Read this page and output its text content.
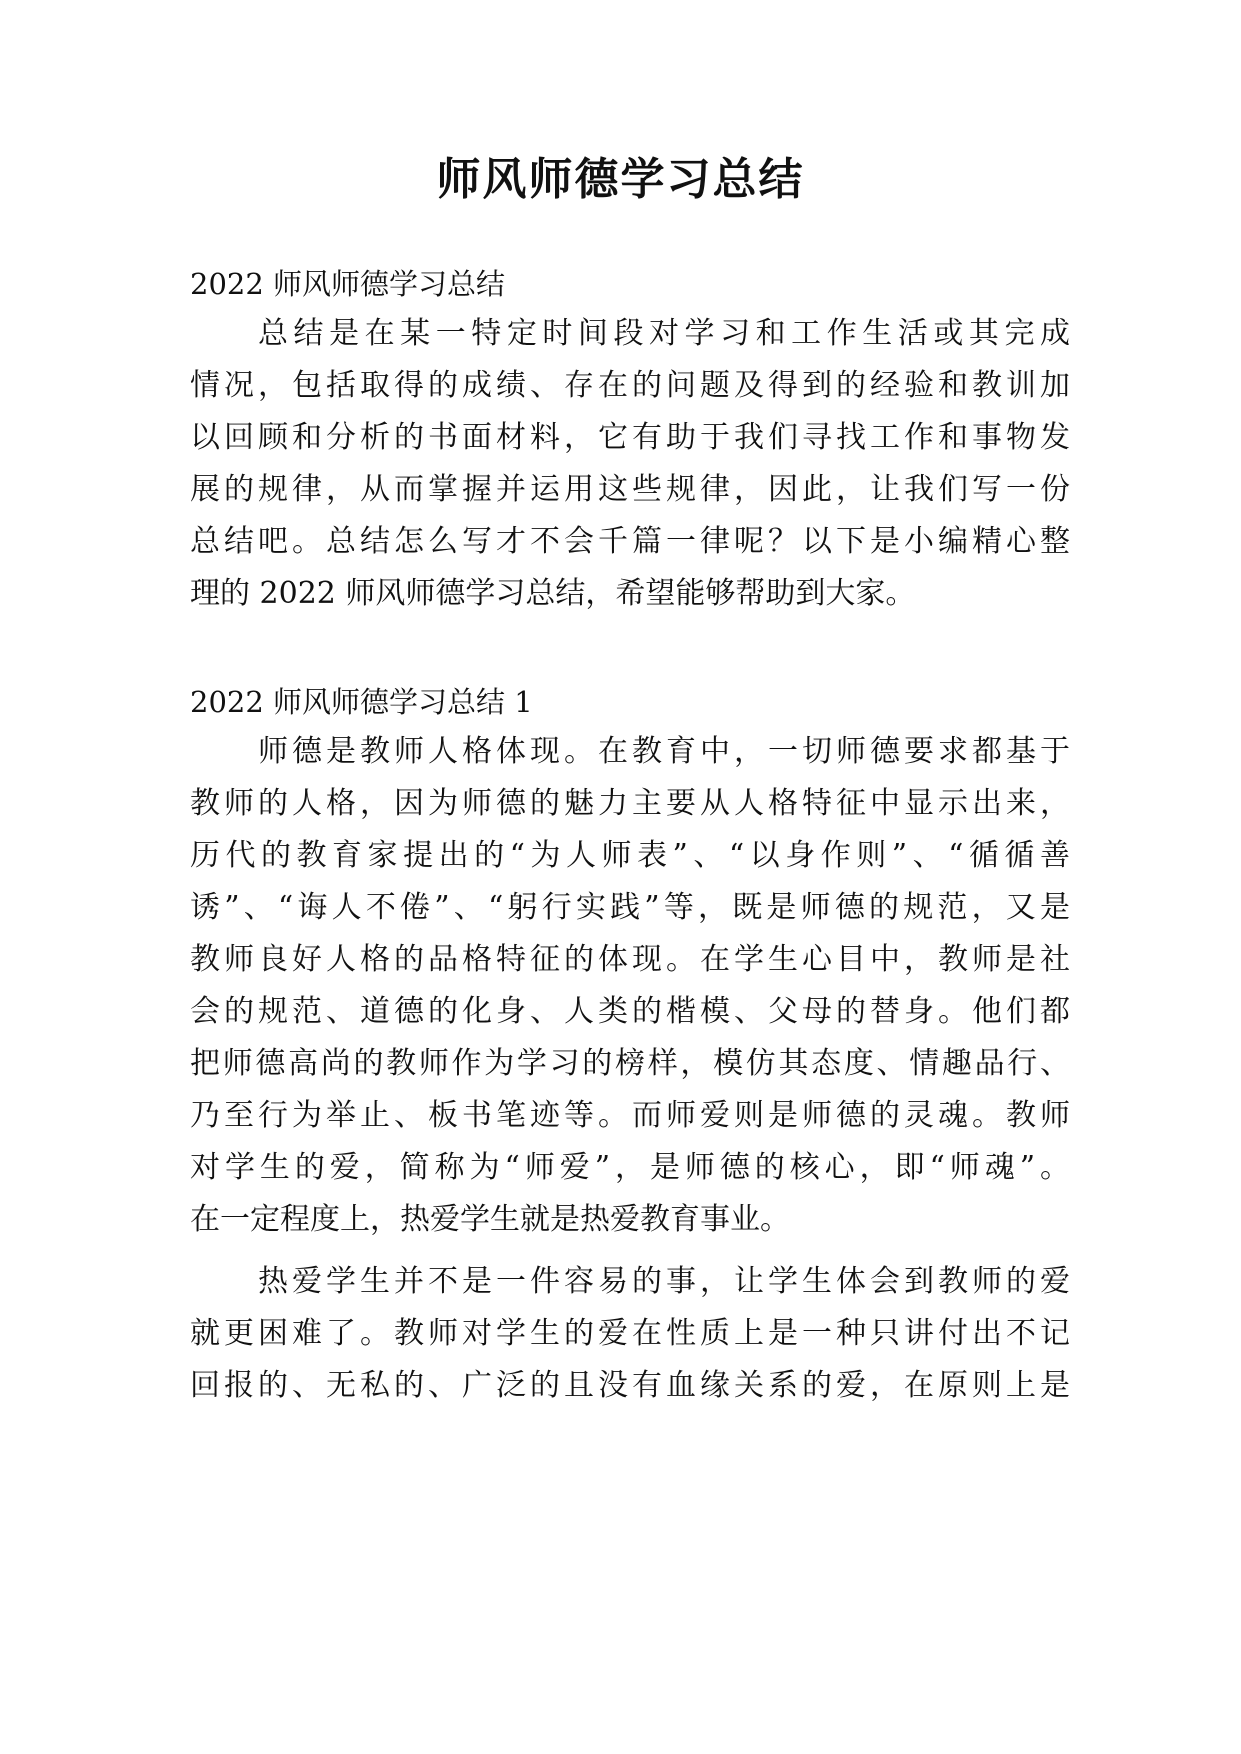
师风师德学习总结
2022 师风师德学习总结
总结是在某一特定时间段对学习和工作生活或其完成
情况，包括取得的成绩、存在的问题及得到的经验和教训加
以回顾和分析的书面材料，它有助于我们寻找工作和事物发
展的规律，从而掌握并运用这些规律，因此，让我们写一份
总结吧。总结怎么写才不会千篇一律呢？以下是小编精心整
理的 2022 师风师德学习总结，希望能够帮助到大家。
2022 师风师德学习总结 1
师德是教师人格体现。在教育中，一切师德要求都基于
教师的人格，因为师德的魅力主要从人格特征中显示出来，
历代的教育家提出的“为人师表”、“以身作则”、“循循善
诱”、“诲人不倦”、“躬行实践”等，既是师德的规范，又是
教师良好人格的品格特征的体现。在学生心目中，教师是社
会的规范、道德的化身、人类的楷模、父母的替身。他们都
把师德高尚的教师作为学习的榜样，模仿其态度、情趣品行、
乃至行为举止、板书笔迹等。而师爱则是师德的灵魂。教师
对学生的爱，简称为“师爱”，是师德的核心，即“师魂”。
在一定程度上，热爱学生就是热爱教育事业。
热爱学生并不是一件容易的事，让学生体会到教师的爱
就更困难了。教师对学生的爱在性质上是一种只讲付出不记
回报的、无私的、广泛的且没有血缘关系的爱，在原则上是
